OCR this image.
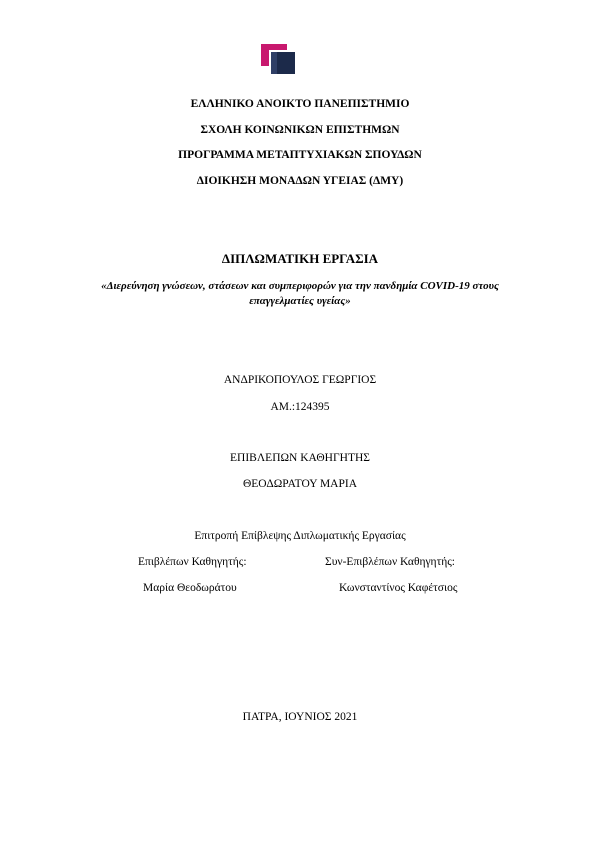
ΕΛΛΗΝΙΚΟ ΑΝΟΙΚΤΟ ΠΑΝΕΠΙΣΤΗΜΙΟ
ΣΧΟΛΗ ΚΟΙΝΩΝΙΚΩΝ ΕΠΙΣΤΗΜΩΝ
ΠΡΟΓΡΑΜΜΑ ΜΕΤΑΠΤΥΧΙΑΚΩΝ ΣΠΟΥΔΩΝ
ΔΙΟΙΚΗΣΗ ΜΟΝΑΔΩΝ ΥΓΕΙΑΣ (ΔΜΥ)
ΔΙΠΛΩΜΑΤΙΚΗ ΕΡΓΑΣΙΑ
«Διερεύνηση γνώσεων, στάσεων και συμπεριφορών για την πανδημία COVID-19 στους
επαγγελματίες υγείας»
ΑΝΔΡΙΚΟΠΟΥΛΟΣ ΓΕΩΡΓΙΟΣ
ΑΜ.:124395
ΕΠΙΒΛΕΠΩΝ ΚΑΘΗΓΗΤΗΣ
ΘΕΟΔΩΡΑΤΟΥ ΜΑΡΙΑ
Επιτροπή Επίβλεψης Διπλωματικής Εργασίας
Επιβλέπων Καθηγητής:	Συν-Επιβλέπων Καθηγητής:
Μαρία Θεοδωράτου	Κωνσταντίνος Καφέτσιος
ΠΑΤΡΑ, ΙΟΥΝΙΟΣ 2021
